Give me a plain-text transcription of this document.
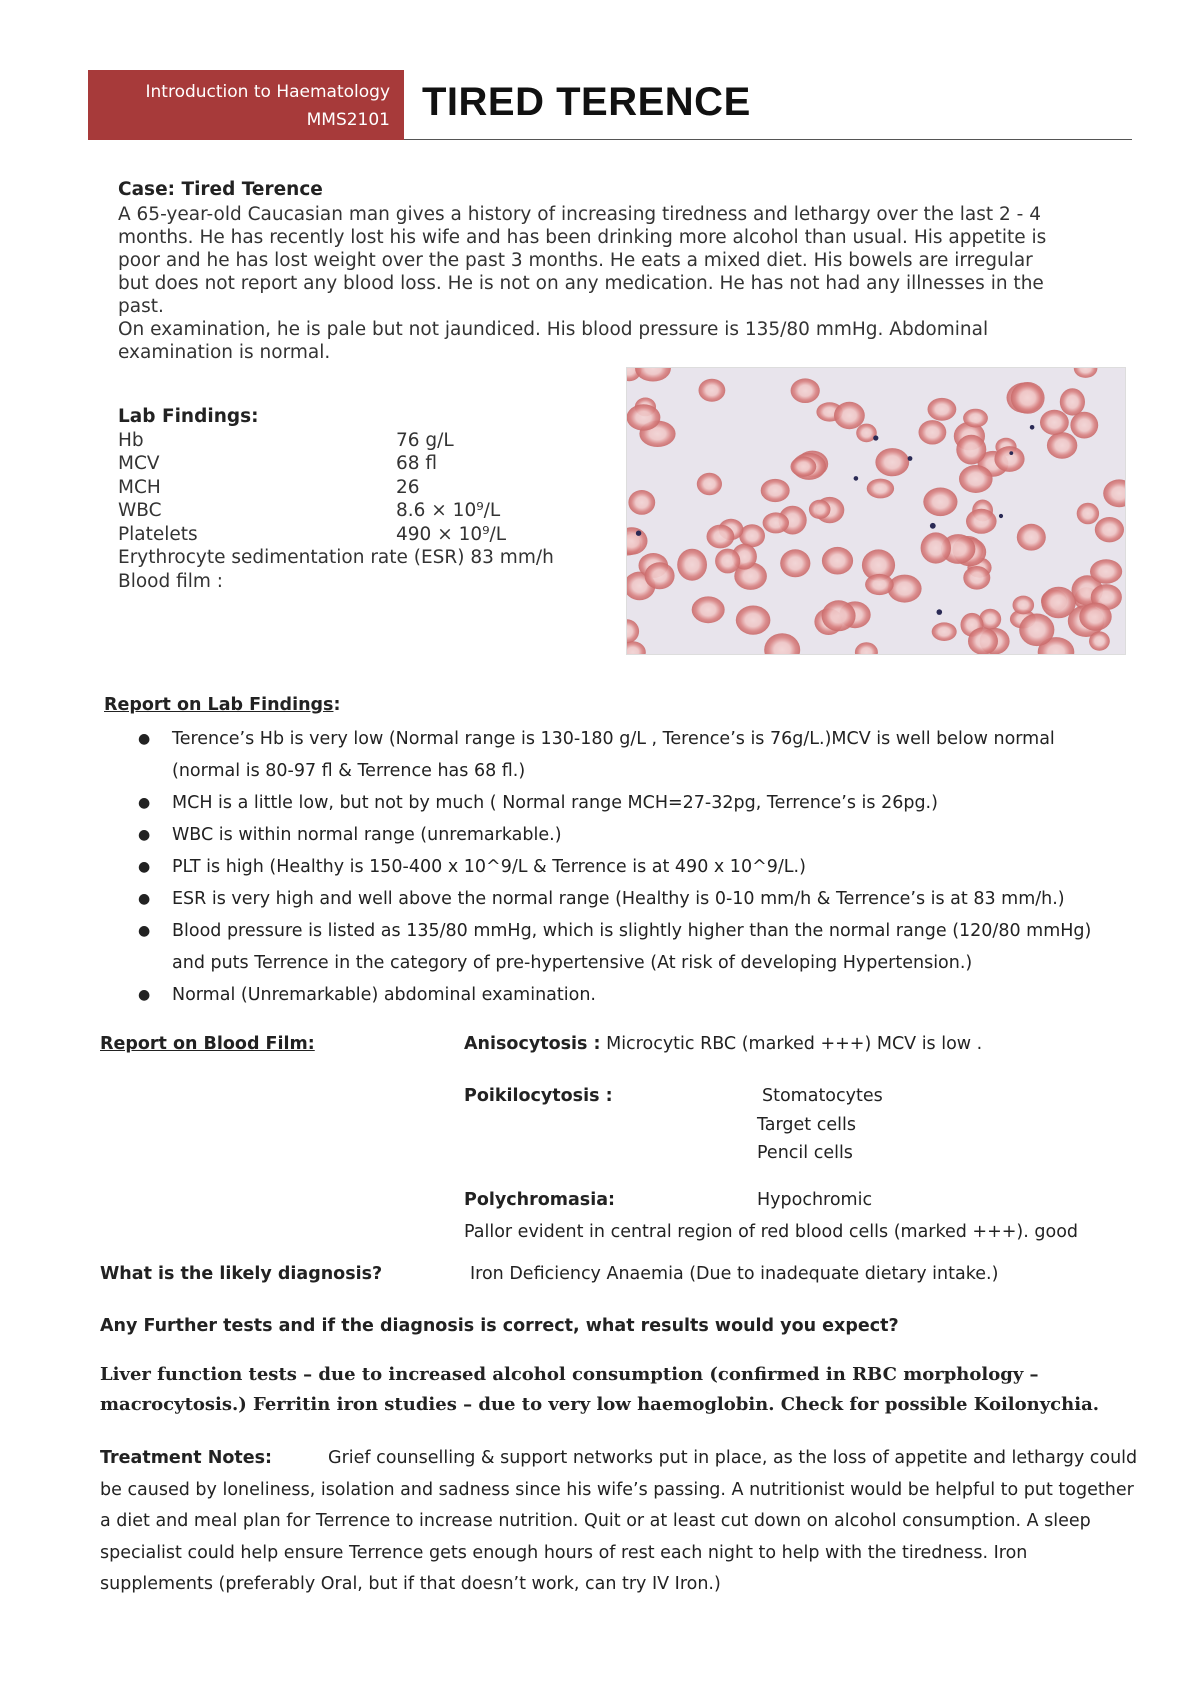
Introduction to Haematology
MMS2101 TIRED TERENCE
Case: Tired Terence

A 65-year-old Caucasian man gives a history of increasing tiredness and lethargy over the last 2 - 4 months. He has recently lost his wife and has been drinking more alcohol than usual. His appetite is poor and he has lost weight over the past 3 months. He eats a mixed diet. His bowels are irregular but does not report any blood loss. He is not on any medication. He has not had any illnesses in the past.

On examination, he is pale but not jaundiced. His blood pressure is 135/80 mmHg. Abdominal examination is normal.

Lab Findings:
Hb	76 g/L
MCV	68 fl
MCH	26
WBC	8.6 × 10⁹/L
Platelets	490 × 10⁹/L
Erythrocyte sedimentation rate (ESR) 83 mm/h
Blood film :
Report on Lab Findings:
● Terence’s Hb is very low (Normal range is 130-180 g/L , Terence’s is 76g/L.)MCV is well below normal
(normal is 80-97 fl & Terrence has 68 fl.)
● MCH is a little low, but not by much ( Normal range MCH=27-32pg, Terrence’s is 26pg.)
● WBC is within normal range (unremarkable.)
● PLT is high (Healthy is 150-400 x 10^9/L & Terrence is at 490 x 10^9/L.)
● ESR is very high and well above the normal range (Healthy is 0-10 mm/h & Terrence’s is at 83 mm/h.)
● Blood pressure is listed as 135/80 mmHg, which is slightly higher than the normal range (120/80 mmHg)
and puts Terrence in the category of pre-hypertensive (At risk of developing Hypertension.)
● Normal (Unremarkable) abdominal examination.
Report on Blood Film:	Anisocytosis : Microcytic RBC (marked +++) MCV is low .
Poikilocytosis :	Stomatocytes
Target cells
Pencil cells
Polychromasia:	Hypochromic
Pallor evident in central region of red blood cells (marked +++). good
What is the likely diagnosis?	Iron Deficiency Anaemia (Due to inadequate dietary intake.)
Any Further tests and if the diagnosis is correct, what results would you expect?
Liver function tests – due to increased alcohol consumption (confirmed in RBC morphology – macrocytosis.) Ferritin iron studies – due to very low haemoglobin. Check for possible Koilonychia.
Treatment Notes:	Grief counselling & support networks put in place, as the loss of appetite and lethargy could be caused by loneliness, isolation and sadness since his wife’s passing. A nutritionist would be helpful to put together a diet and meal plan for Terrence to increase nutrition. Quit or at least cut down on alcohol consumption. A sleep specialist could help ensure Terrence gets enough hours of rest each night to help with the tiredness. Iron supplements (preferably Oral, but if that doesn’t work, can try IV Iron.)
